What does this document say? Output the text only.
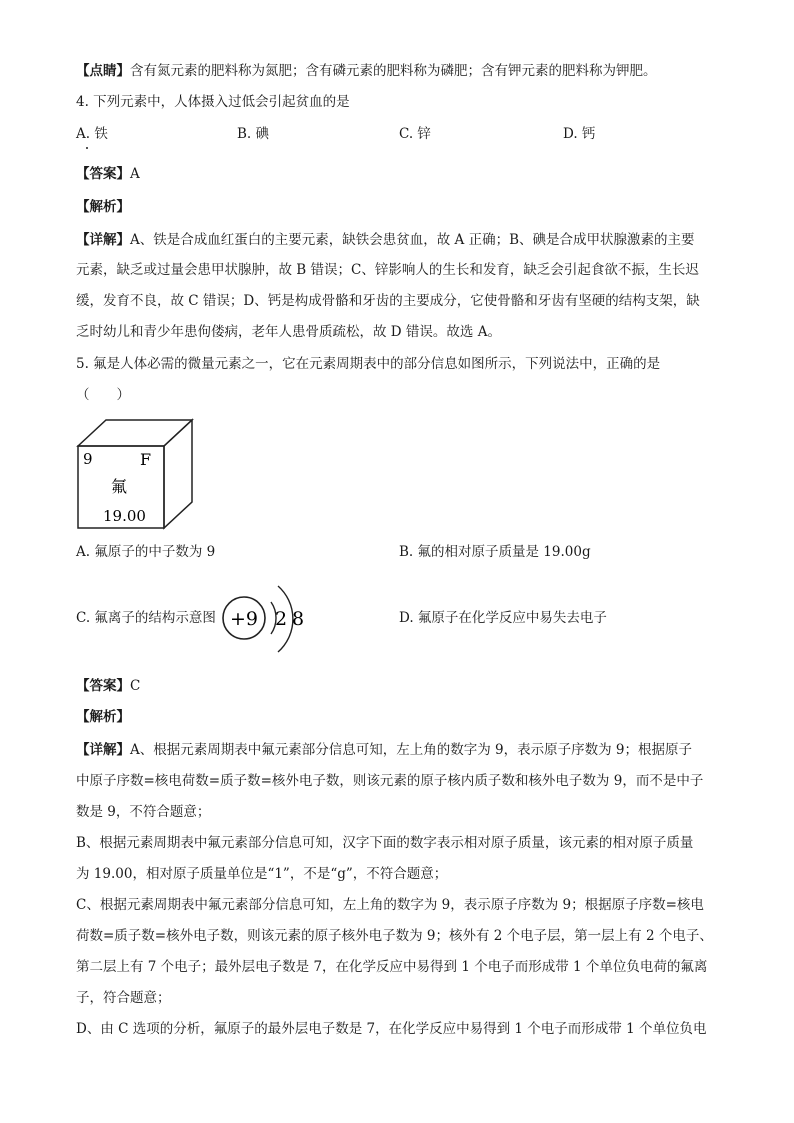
【点睛】含有氮元素的肥料称为氮肥；含有磷元素的肥料称为磷肥；含有钾元素的肥料称为钾肥。
4. 下列元素中，人体摄入过低会引起贫血的是
A. 铁	B. 碘	C. 锌	D. 钙
【答案】A
【解析】
【详解】A、铁是合成血红蛋白的主要元素，缺铁会患贫血，故 A 正确；B、碘是合成甲状腺激素的主要
元素，缺乏或过量会患甲状腺肿，故 B 错误；C、锌影响人的生长和发育，缺乏会引起食欲不振，生长迟
缓，发育不良，故 C 错误；D、钙是构成骨骼和牙齿的主要成分，它使骨骼和牙齿有坚硬的结构支架，缺
乏时幼儿和青少年患佝偻病，老年人患骨质疏松，故 D 错误。故选 A。
5. 氟是人体必需的微量元素之一，它在元素周期表中的部分信息如图所示，下列说法中，正确的是
（　　）
9	F
氟
19.00
A. 氟原子的中子数为 9	B. 氟的相对原子质量是 19.00g
C. 氟离子的结构示意图 +9 2 8	D. 氟原子在化学反应中易失去电子
【答案】C
【解析】
【详解】A、根据元素周期表中氟元素部分信息可知，左上角的数字为 9，表示原子序数为 9；根据原子
中原子序数=核电荷数=质子数=核外电子数，则该元素的原子核内质子数和核外电子数为 9，而不是中子
数是 9，不符合题意；
B、根据元素周期表中氟元素部分信息可知，汉字下面的数字表示相对原子质量，该元素的相对原子质量
为 19.00，相对原子质量单位是“1”，不是“g”，不符合题意；
C、根据元素周期表中氟元素部分信息可知，左上角的数字为 9，表示原子序数为 9；根据原子序数=核电
荷数=质子数=核外电子数，则该元素的原子核外电子数为 9；核外有 2 个电子层，第一层上有 2 个电子、
第二层上有 7 个电子；最外层电子数是 7，在化学反应中易得到 1 个电子而形成带 1 个单位负电荷的氟离
子，符合题意；
D、由 C 选项的分析，氟原子的最外层电子数是 7，在化学反应中易得到 1 个电子而形成带 1 个单位负电
